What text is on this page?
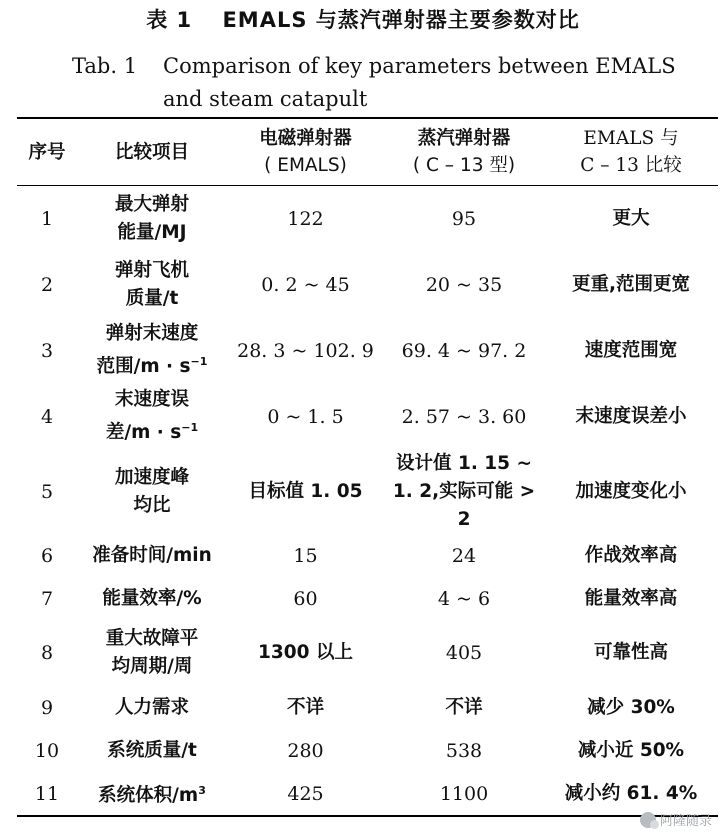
表 1　 EMALS 与蒸汽弹射器主要参数对比
Tab. 1 Comparison of key parameters between EMALS
and steam catapult
序号	比较项目	电磁弹射器
( EMALS)	蒸汽弹射器
( C – 13 型)	EMALS 与
C – 13 比较
1	最大弹射
能量/MJ	122	95	更大
2	弹射飞机
质量/t	0. 2 ~ 45	20 ~ 35	更重,范围更宽
3	弹射末速度
范围$/m \cdot s^{-1}$	28. 3 ~ 102. 9	69. 4 ~ 97. 2	速度范围宽
4	末速度误
差$/m \cdot s^{-1}$	0 ~ 1. 5	2. 57 ~ 3. 60	末速度误差小
5	加速度峰
均比	目标值 1. 05	设计值 1. 15 ~
1. 2,实际可能 > 2	加速度变化小
6	准备时间/min	15	24	作战效率高
7	能量效率/%	60	4 ~ 6	能量效率高
8	重大故障平
均周期/周	1300 以上	405	可靠性高
9	人力需求	不详	不详	减少 30%
10	系统质量/t	280	538	减小近 50%
11	系统体积$/m^3$	425	1100	减小约 61. 4%
阿隆随录
